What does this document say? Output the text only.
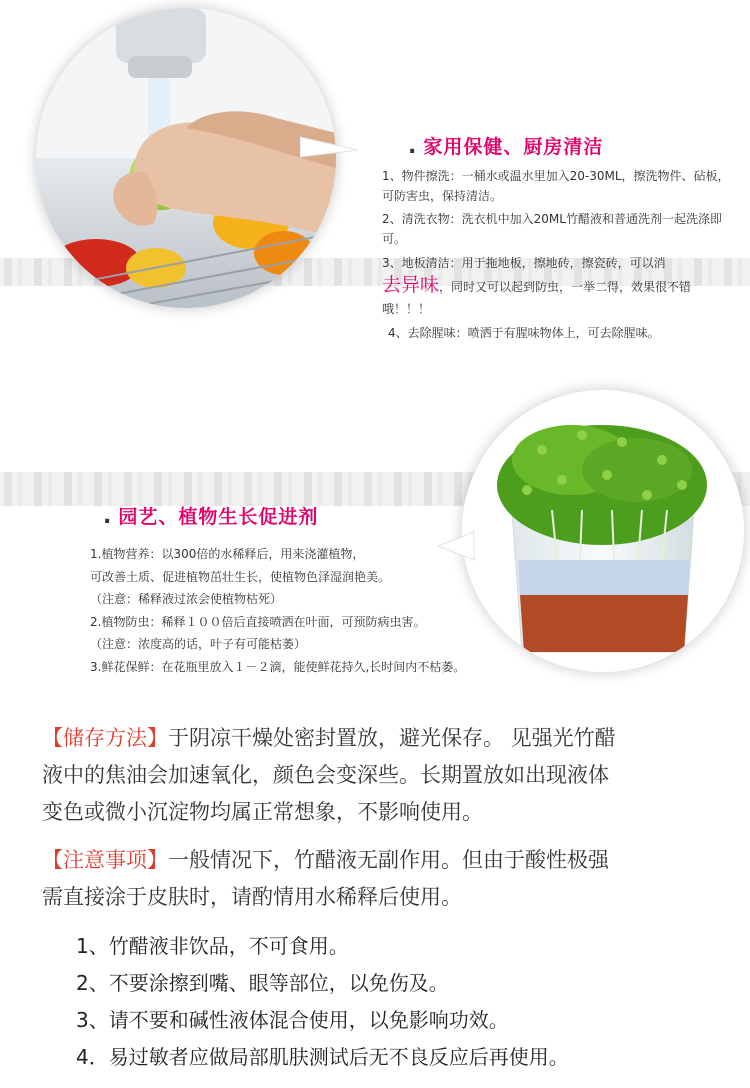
. 家用保健、厨房清洁

1、物件擦洗：一桶水或温水里加入20-30ML，擦洗物件、砧板，可防害虫，保持清洁。

2、清洗衣物：洗衣机中加入20ML竹醋液和普通洗剂一起洗涤即可。

3、地板清洁：用于拖地板，擦地砖，擦瓷砖，可以消
去异味，同时又可以起到防虫，一举二得，效果很不错哦！！！

4、去除腥味：喷洒于有腥味物体上，可去除腥味。

. 园艺、植物生长促进剂

1.植物营养：以300倍的水稀释后，用来浇灌植物，

可改善土质、促进植物茁壮生长，使植物色泽湿润艳美。

（注意：稀释液过浓会使植物枯死）

2.植物防虫：稀释１００倍后直接喷洒在叶面，可预防病虫害。

（注意：浓度高的话，叶子有可能枯萎）

3.鲜花保鲜：在花瓶里放入１－２滴，能使鲜花持久,长时间内不枯萎。

【储存方法】于阴凉干燥处密封置放，避光保存。 见强光竹醋

液中的焦油会加速氧化，颜色会变深些。长期置放如出现液体

变色或微小沉淀物均属正常想象，不影响使用。

【注意事项】一般情况下，竹醋液无副作用。但由于酸性极强

需直接涂于皮肤时，请酌情用水稀释后使用。

1、竹醋液非饮品，不可食用。

2、不要涂擦到嘴、眼等部位，以免伤及。

3、请不要和碱性液体混合使用，以免影响功效。

4．易过敏者应做局部肌肤测试后无不良反应后再使用。
